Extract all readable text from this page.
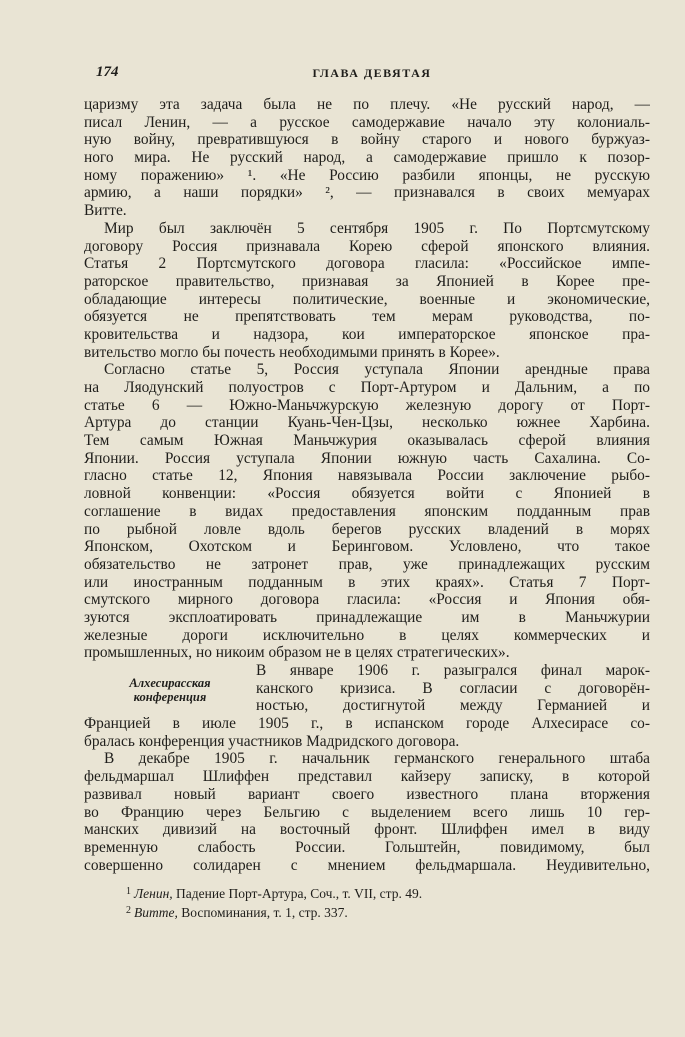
174	ГЛАВА ДЕВЯТАЯ
царизму эта задача была не по плечу. «Не русский народ, —
писал Ленин, — а русское самодержавие начало эту колониаль-
ную войну, превратившуюся в войну старого и нового буржуаз-
ного мира. Не русский народ, а самодержавие пришло к позор-
ному поражению» ¹. «Не Россию разбили японцы, не русскую
армию, а наши порядки» ², — признавался в своих мемуарах
Витте.
Мир был заключён 5 сентября 1905 г. По Портсмутскому
договору Россия признавала Корею сферой японского влияния.
Статья 2 Портсмутского договора гласила: «Российское импе-
раторское правительство, признавая за Японией в Корее пре-
обладающие интересы политические, военные и экономические,
обязуется не препятствовать тем мерам руководства, по-
кровительства и надзора, кои императорское японское пра-
вительство могло бы почесть необходимыми принять в Корее».
Согласно статье 5, Россия уступала Японии арендные права
на Ляодунский полуостров с Порт-Артуром и Дальним, а по
статье 6 — Южно-Маньчжурскую железную дорогу от Порт-
Артура до станции Куань-Чен-Цзы, несколько южнее Харбина.
Тем самым Южная Маньчжурия оказывалась сферой влияния
Японии. Россия уступала Японии южную часть Сахалина. Со-
гласно статье 12, Япония навязывала России заключение рыбо-
ловной конвенции: «Россия обязуется войти с Японией в
соглашение в видах предоставления японским подданным прав
по рыбной ловле вдоль берегов русских владений в морях
Японском, Охотском и Беринговом. Условлено, что такое
обязательство не затронет прав, уже принадлежащих русским
или иностранным подданным в этих краях». Статья 7 Порт-
смутского мирного договора гласила: «Россия и Япония обя-
зуются эксплоатировать принадлежащие им в Маньчжурии
железные дороги исключительно в целях коммерческих и
промышленных, но никоим образом не в целях стратегических».
Алхесирасская
конференция
В январе 1906 г. разыгрался финал марок-
канского кризиса. В согласии с договорён-
ностью, достигнутой между Германией и
Францией в июле 1905 г., в испанском городе Алхесирасе со-
бралась конференция участников Мадридского договора.
В декабре 1905 г. начальник германского генерального штаба
фельдмаршал Шлиффен представил кайзеру записку, в которой
развивал новый вариант своего известного плана вторжения
во Францию через Бельгию с выделением всего лишь 10 гер-
манских дивизий на восточный фронт. Шлиффен имел в виду
временную слабость России. Гольштейн, повидимому, был
совершенно солидарен с мнением фельдмаршала. Неудивительно,
$^1$ Ленин, Падение Порт-Артура, Соч., т. VII, стр. 49.
$^2$ Витте, Воспоминания, т. 1, стр. 337.
